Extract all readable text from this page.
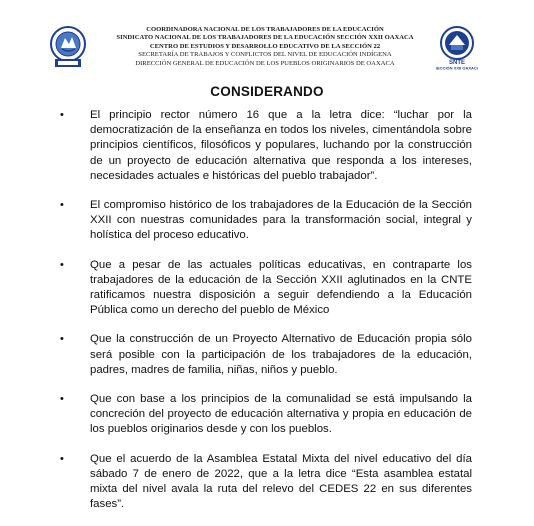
COORDINADORA NACIONAL DE LOS TRABAJADORES DE LA EDUCACIÓN
SINDICATO NACIONAL DE LOS TRABAJADORES DE LA EDUCACIÓN SECCIÓN XXII OAXACA
CENTRO DE ESTUDIOS Y DESARROLLO EDUCATIVO DE LA SECCIÓN 22
SECRETARÍA DE TRABAJOS Y CONFLICTOS DEL NIVEL DE EDUCACIÓN INDÍGENA
DIRECCIÓN GENERAL DE EDUCACIÓN DE LOS PUEBLOS ORIGINARIOS DE OAXACA	SNTE
SECCIÓN XXII OAXACA
CONSIDERANDO
•	El principio rector número 16 que a la letra dice: “luchar por la democratización de la enseñanza en todos los niveles, cimentándola sobre principios científicos, filosóficos y populares, luchando por la construcción de un proyecto de educación alternativa que responda a los intereses, necesidades actuales e históricas del pueblo trabajador”.
•	El compromiso histórico de los trabajadores de la Educación de la Sección XXII con nuestras comunidades para la transformación social, integral y holística del proceso educativo.
•	Que a pesar de las actuales políticas educativas, en contraparte los trabajadores de la educación de la Sección XXII aglutinados en la CNTE ratificamos nuestra disposición a seguir defendiendo a la Educación Pública como un derecho del pueblo de México
•	Que la construcción de un Proyecto Alternativo de Educación propia sólo será posible con la participación de los trabajadores de la educación, padres, madres de familia, niñas, niños y pueblo.
•	Que con base a los principios de la comunalidad se está impulsando la concreción del proyecto de educación alternativa y propia en educación de los pueblos originarios desde y con los pueblos.
•	Que el acuerdo de la Asamblea Estatal Mixta del nivel educativo del día sábado 7 de enero de 2022, que a la letra dice “Esta asamblea estatal mixta del nivel avala la ruta del relevo del CEDES 22 en sus diferentes fases”.
